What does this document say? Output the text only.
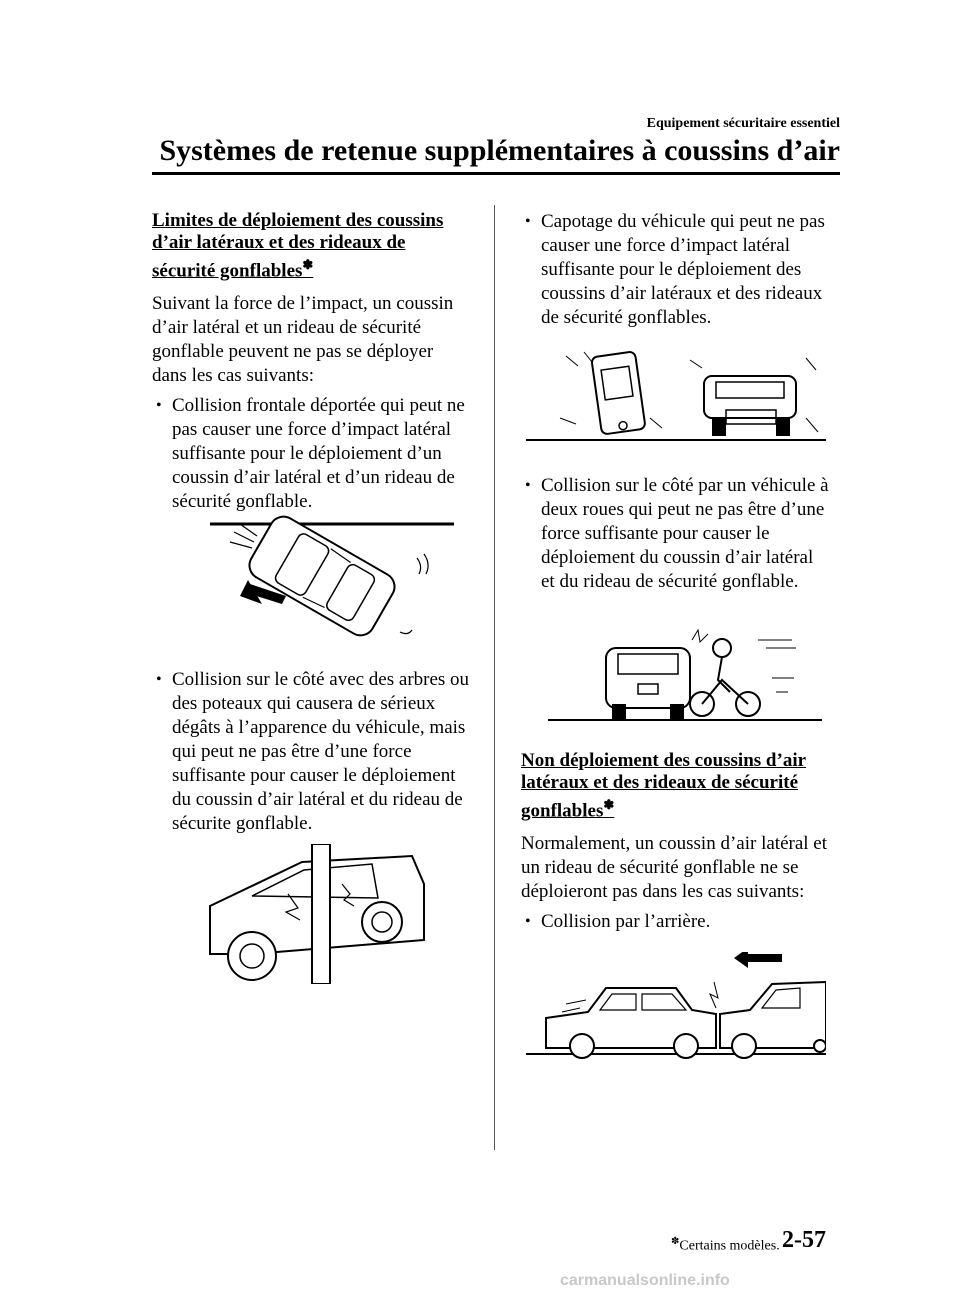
Equipement sécuritaire essentiel
Systèmes de retenue supplémentaires à coussins d’air
Limites de déploiement des coussins d’air latéraux et des rideaux de sécurité gonflables✽

Suivant la force de l’impact, un coussin d’air latéral et un rideau de sécurité gonflable peuvent ne pas se déployer dans les cas suivants:

• Collision frontale déportée qui peut ne pas causer une force d’impact latéral suffisante pour le déploiement d’un coussin d’air latéral et d’un rideau de sécurité gonflable.
• Collision sur le côté avec des arbres ou des poteaux qui causera de sérieux dégâts à l’apparence du véhicule, mais qui peut ne pas être d’une force suffisante pour causer le déploiement du coussin d’air latéral et du rideau de sécurite gonflable.
• Capotage du véhicule qui peut ne pas causer une force d’impact latéral suffisante pour le déploiement des coussins d’air latéraux et des rideaux de sécurité gonflables.
• Collision sur le côté par un véhicule à deux roues qui peut ne pas être d’une force suffisante pour causer le déploiement du coussin d’air latéral et du rideau de sécurité gonflable.
Non déploiement des coussins d’air latéraux et des rideaux de sécurité gonflables✽

Normalement, un coussin d’air latéral et un rideau de sécurité gonflable ne se déploieront pas dans les cas suivants:

• Collision par l’arrière.
✽Certains modèles. 2-57
carmanualsonline.info
